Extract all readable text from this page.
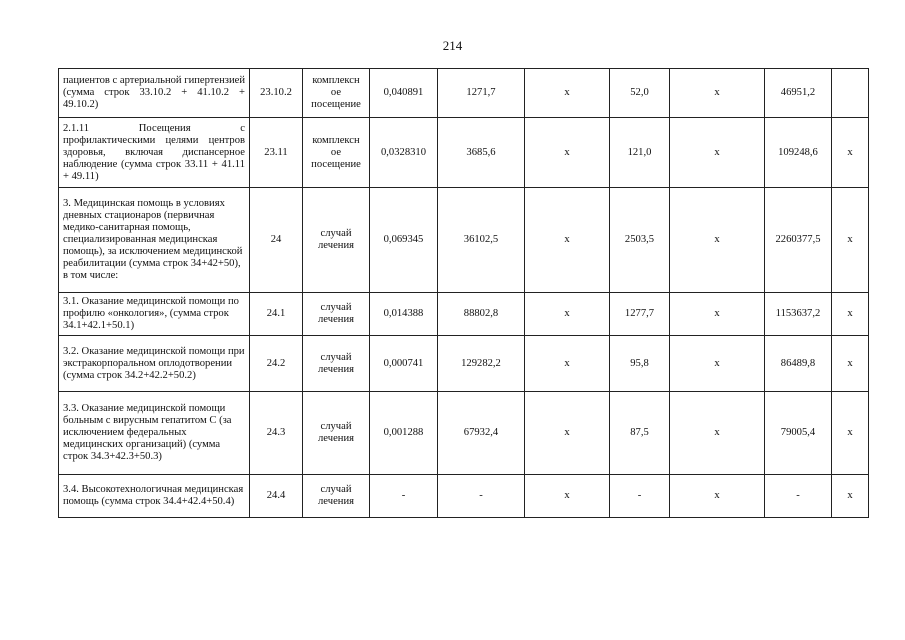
214
пациентов с артериальной гипертензией (сумма строк 33.10.2 + 41.10.2 + 49.10.2)	23.10.2	комплексн ое посещение	0,040891	1271,7	х	52,0	х	46951,2	
2.1.11 Посещения с профилактическими целями центров здоровья, включая диспансерное наблюдение (сумма строк 33.11 + 41.11 + 49.11)	23.11	комплексн ое посещение	0,0328310	3685,6	х	121,0	х	109248,6	х
3. Медицинская помощь в условиях дневных стационаров (первичная медико-санитарная помощь, специализированная медицинская помощь), за исключением медицинской реабилитации (сумма строк 34+42+50), в том числе:	24	случай лечения	0,069345	36102,5	х	2503,5	х	2260377,5	х
3.1. Оказание медицинской помощи по профилю «онкология», (сумма строк 34.1+42.1+50.1)	24.1	случай лечения	0,014388	88802,8	х	1277,7	х	1153637,2	х
3.2. Оказание медицинской помощи при экстракорпоральном оплодотворении (сумма строк 34.2+42.2+50.2)	24.2	случай лечения	0,000741	129282,2	х	95,8	х	86489,8	х
3.3. Оказание медицинской помощи больным с вирусным гепатитом С (за исключением федеральных медицинских организаций) (сумма строк 34.3+42.3+50.3)	24.3	случай лечения	0,001288	67932,4	х	87,5	х	79005,4	х
3.4. Высокотехнологичная медицинская помощь (сумма строк 34.4+42.4+50.4)	24.4	случай лечения	-	-	х	-	х	-	х
